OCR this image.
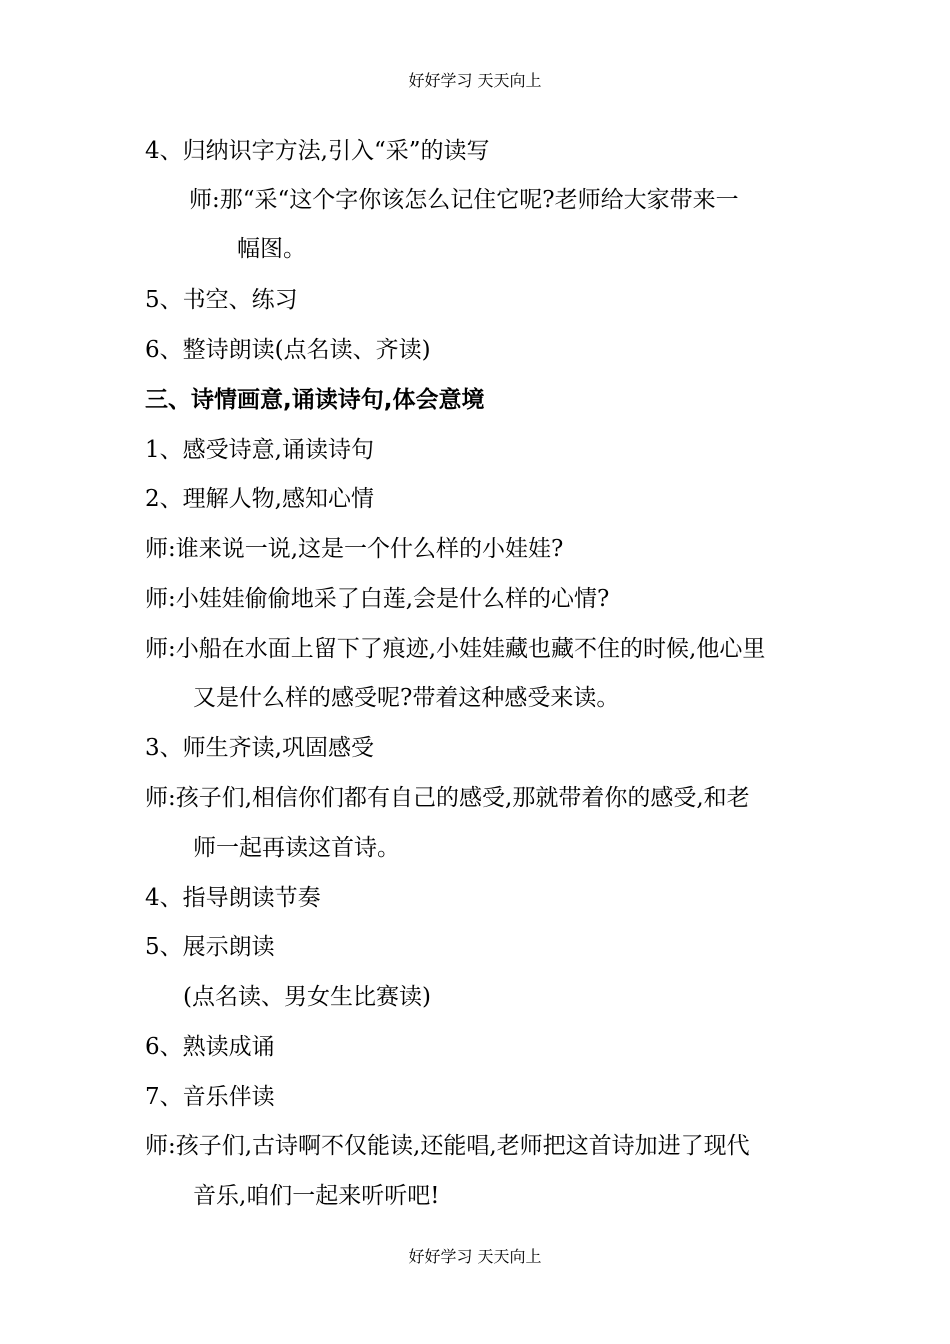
好好学习 天天向上
4、归纳识字方法,引入“采”的读写
师:那“采“这个字你该怎么记住它呢?老师给大家带来一
幅图。
5、书空、练习
6、整诗朗读(点名读、齐读)
三、诗情画意,诵读诗句,体会意境
1、感受诗意,诵读诗句
2、理解人物,感知心情
师:谁来说一说,这是一个什么样的小娃娃?
师:小娃娃偷偷地采了白莲,会是什么样的心情?
师:小船在水面上留下了痕迹,小娃娃藏也藏不住的时候,他心里
又是什么样的感受呢?带着这种感受来读。
3、师生齐读,巩固感受
师:孩子们,相信你们都有自己的感受,那就带着你的感受,和老
师一起再读这首诗。
4、指导朗读节奏
5、展示朗读
(点名读、男女生比赛读)
6、熟读成诵
7、音乐伴读
师:孩子们,古诗啊不仅能读,还能唱,老师把这首诗加进了现代
音乐,咱们一起来听听吧!
好好学习 天天向上
